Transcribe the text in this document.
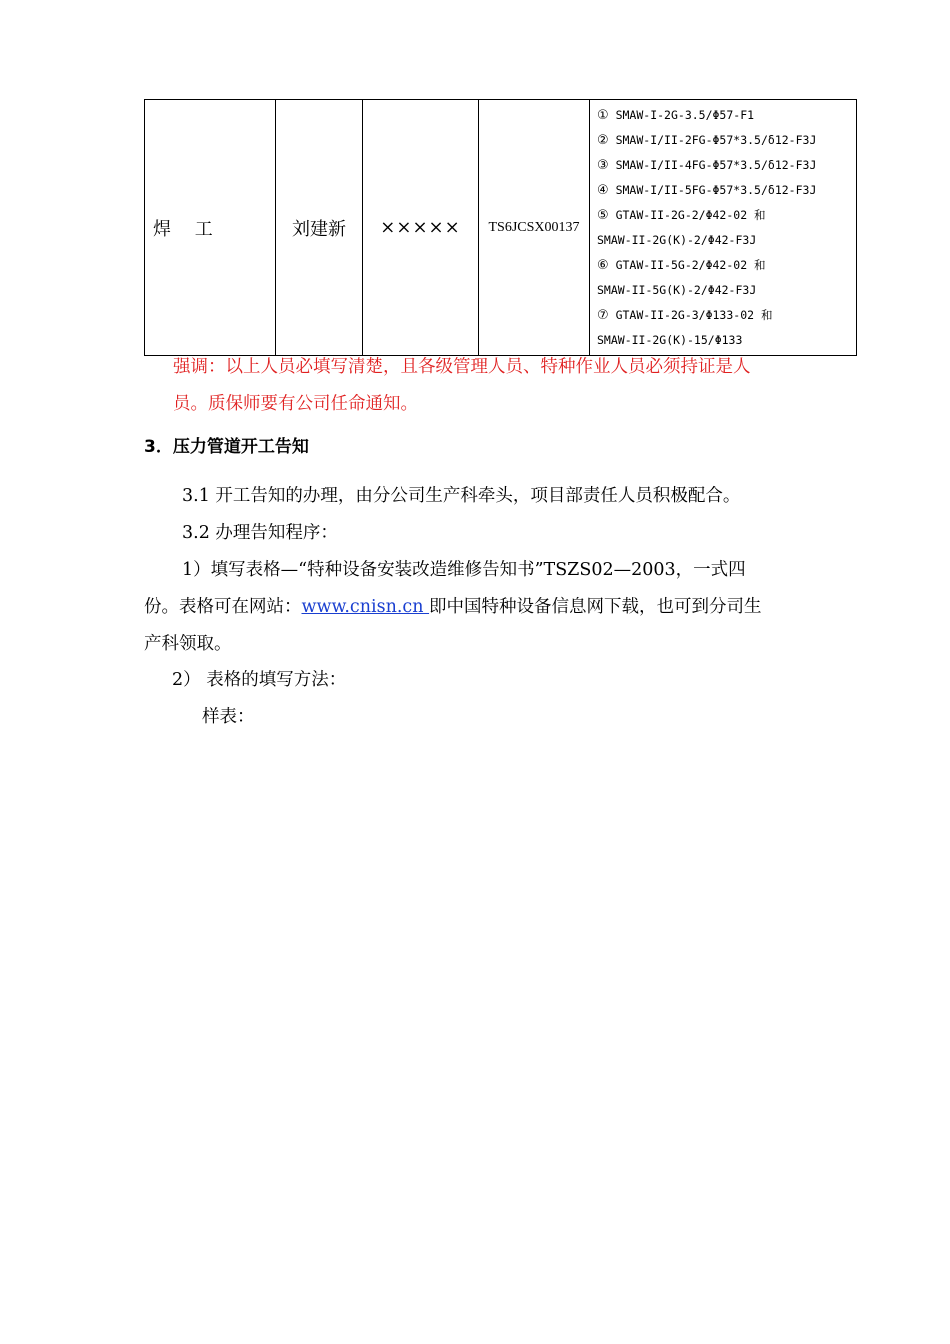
焊　 工	刘建新	×××××	TS6JCSX00137	
① SMAW-I-2G-3.5/Φ57-F1
② SMAW-I/II-2FG-Φ57*3.5/δ12-F3J
③ SMAW-I/II-4FG-Φ57*3.5/δ12-F3J
④ SMAW-I/II-5FG-Φ57*3.5/δ12-F3J
⑤ GTAW-II-2G-2/Φ42-02 和
SMAW-II-2G(K)-2/Φ42-F3J
⑥ GTAW-II-5G-2/Φ42-02 和
SMAW-II-5G(K)-2/Φ42-F3J
⑦ GTAW-II-2G-3/Φ133-02 和
SMAW-II-2G(K)-15/Φ133
强调：以上人员必填写清楚，且各级管理人员、特种作业人员必须持证是人
员。质保师要有公司任命通知。
3．压力管道开工告知
3.1 开工告知的办理，由分公司生产科牵头，项目部责任人员积极配合。
3.2 办理告知程序：
1）填写表格—“特种设备安装改造维修告知书”TSZS02—2003，一式四
份。表格可在网站：www.cnisn.cn 即中国特种设备信息网下载，也可到分司生
产科领取。
2） 表格的填写方法：
样表：
